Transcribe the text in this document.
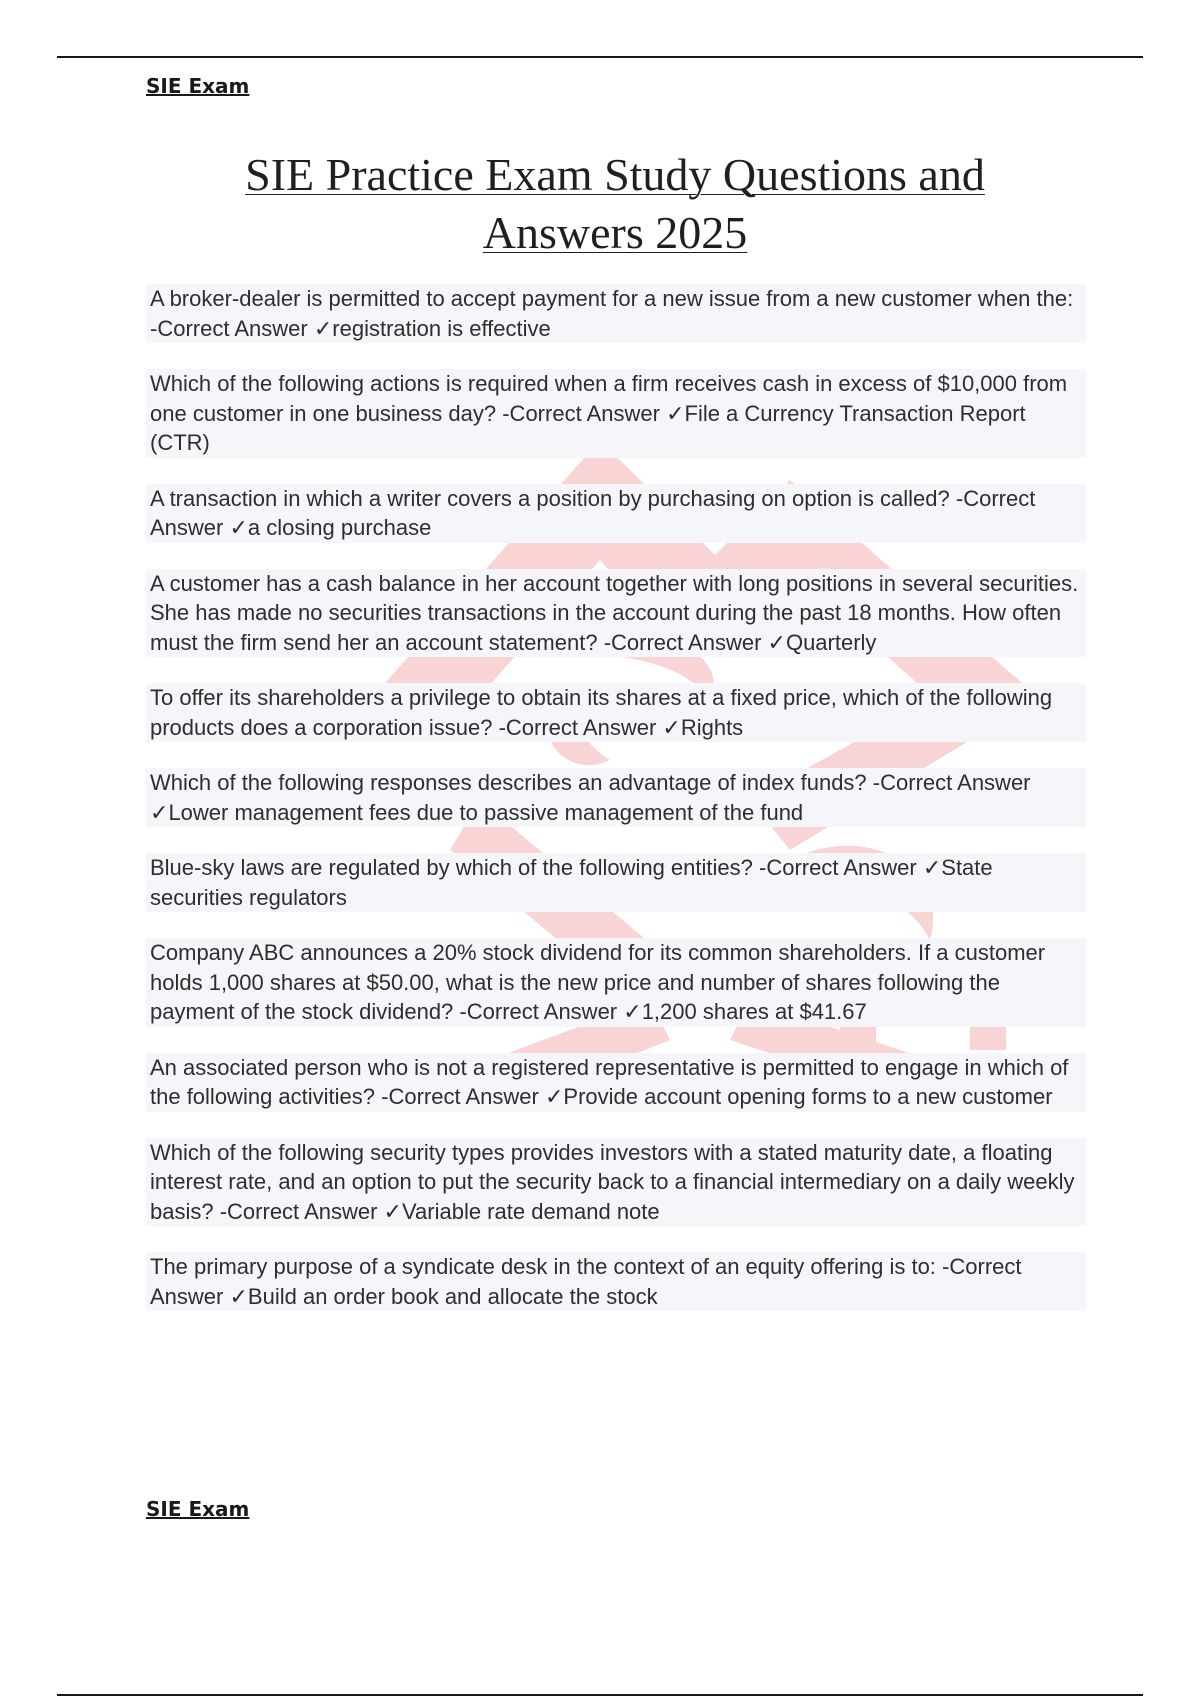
SIE Exam
SIE Practice Exam Study Questions and
Answers 2025
A broker-dealer is permitted to accept payment for a new issue from a new customer when the: -Correct Answer ✓registration is effective
Which of the following actions is required when a firm receives cash in excess of $10,000 from one customer in one business day? -Correct Answer ✓File a Currency Transaction Report (CTR)
A transaction in which a writer covers a position by purchasing on option is called? -Correct Answer ✓a closing purchase
A customer has a cash balance in her account together with long positions in several securities. She has made no securities transactions in the account during the past 18 months. How often must the firm send her an account statement? -Correct Answer ✓Quarterly
To offer its shareholders a privilege to obtain its shares at a fixed price, which of the following products does a corporation issue? -Correct Answer ✓Rights
Which of the following responses describes an advantage of index funds? -Correct Answer ✓Lower management fees due to passive management of the fund
Blue-sky laws are regulated by which of the following entities? -Correct Answer ✓State securities regulators
Company ABC announces a 20% stock dividend for its common shareholders. If a customer holds 1,000 shares at $50.00, what is the new price and number of shares following the payment of the stock dividend? -Correct Answer ✓1,200 shares at $41.67
An associated person who is not a registered representative is permitted to engage in which of the following activities? -Correct Answer ✓Provide account opening forms to a new customer
Which of the following security types provides investors with a stated maturity date, a floating interest rate, and an option to put the security back to a financial intermediary on a daily weekly basis? -Correct Answer ✓Variable rate demand note
The primary purpose of a syndicate desk in the context of an equity offering is to: -Correct Answer ✓Build an order book and allocate the stock
SIE Exam
